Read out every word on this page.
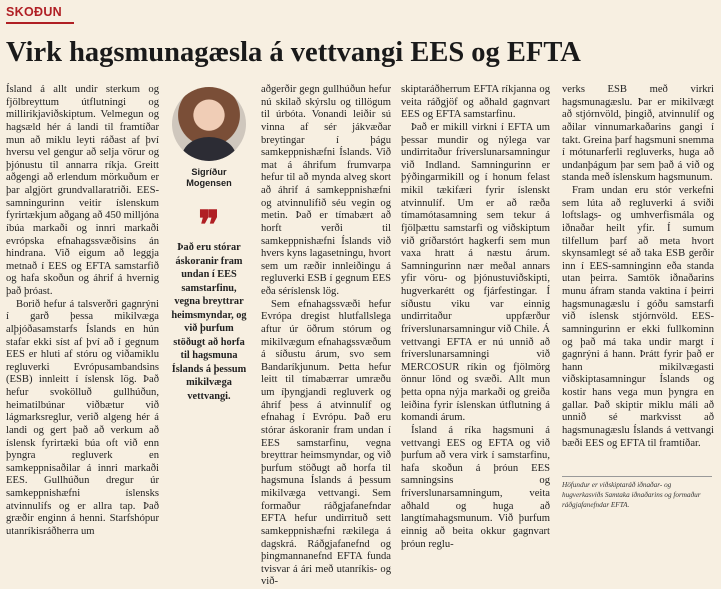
SKOÐUN
Virk hagsmunagæsla á vettvangi EES og EFTA

Ísland á allt undir sterkum og fjölbreyttum útflutningi og millirikjaviðskiptum. Velmegun og hagsæld hér á landi til framtíðar mun að miklu leyti ráðast af því hversu vel gengur að selja vörur og þjónustu til annarra ríkja. Greitt aðgengi að erlendum mörkuðum er þar algjört grundvallaratriði. EES-samningurinn veitir íslenskum fyrirtækjum aðgang að 450 milljóna íbúa markaði og innri markaði evrópska efnahagssvæðisins án hindrana. Við eigum að leggja metnað í EES og EFTA samstarfið og hafa skoðun og áhrif á hvernig það þróast.

Borið hefur á talsverðri gagnrýni í garð þessa mikilvæga alþjóðasamstarfs Íslands en hún stafar ekki síst af því að í gegnum EES er hluti af stóru og viðamiklu regluverki Evrópusambandsins (ESB) innleitt í íslensk lög. Það hefur svokölluð gullhúðun, heimatilbúnar viðbætur við lágmarksreglur, verið algeng hér á landi og gert það að verkum að íslensk fyrirtæki búa oft við enn þyngra regluverk en samkeppnisaðilar á innri markaði EES. Gullhúðun dregur úr samkeppnishæfni íslensks atvinnulífs og er allra tap. Það græðir enginn á henni. Starfshópur utanríkisráðherra um

Sigríður
Mogensen
❞
Það eru stórar áskoranir fram undan í EES samstarfinu, vegna breyttrar heimsmyndar, og við þurfum stöðugt að horfa til hagsmuna Íslands á þessum mikilvæga vettvangi.

aðgerðir gegn gullhúðun hefur nú skilað skýrslu og tillögum til úrbóta. Vonandi leiðir sú vinna af sér jákvæðar breytingar í þágu samkeppnishæfni Íslands. Við mat á áhrifum frumvarpa hefur til að mynda alveg skort að áhrif á samkeppnishæfni og atvinnulífið séu vegin og metin. Það er tímabært að horft verði til samkeppnishæfni Íslands við hvers kyns lagasetningu, hvort sem um ræðir innleiðingu á regluverki ESB í gegnum EES eða séríslensk lög.

Sem efnahagssvæði hefur Evrópa dregist hlutfallslega aftur úr öðrum stórum og mikilvægum efnahagssvæðum á síðustu árum, svo sem Bandaríkjunum. Þetta hefur leitt til tímabærrar umræðu um íþyngjandi regluverk og áhrif þess á atvinnulíf og efnahag í Evrópu. Það eru stórar áskoranir fram undan í EES samstarfinu, vegna breyttrar heimsmyndar, og við þurfum stöðugt að horfa til hagsmuna Íslands á þessum mikilvæga vettvangi. Sem formaður ráðgjafanefndar EFTA hefur undirrituð sett samkeppnishæfni rækilega á dagskrá. Ráðgjafanefnd og þingmannanefnd EFTA funda tvisvar á ári með utanríkis- og við-

skiptaráðherrum EFTA ríkjanna og veita ráðgjöf og aðhald gagnvart EES og EFTA samstarfinu.

Það er mikill virkni í EFTA um þessar mundir og nýlega var undirritaður fríverslunarsamningur við Indland. Samningurinn er þýðingarmikill og í honum felast mikil tækifæri fyrir íslenskt atvinnulíf. Um er að ræða tímamótasamning sem tekur á fjölþættu samstarfi og viðskiptum við gríðarstórt hagkerfi sem mun vaxa hratt á næstu árum. Samningurinn nær meðal annars yfir vöru- og þjónustuviðskipti, hugverkarétt og fjárfestingar. Í síðustu viku var einnig undirritaður uppfærður fríverslunarsamningur við Chile. Á vettvangi EFTA er nú unnið að fríverslunarsamningi við MERCOSUR ríkin og fjölmörg önnur lönd og svæði. Allt mun þetta opna nýja markaði og greiða leiðina fyrir íslenskan útflutning á komandi árum.

Ísland á ríka hagsmuni á vettvangi EES og EFTA og við þurfum að vera virk í samstarfinu, hafa skoðun á þróun EES samningsins og fríverslunarsamningum, veita aðhald og huga að langtímahagsmunum. Við þurfum einnig að beita okkur gagnvart þróun reglu-

verks ESB með virkri hagsmunagæslu. Þar er mikilvægt að stjórnvöld, þingið, atvinnulíf og aðilar vinnumarkaðarins gangi í takt. Greina þarf hagsmuni snemma í mótunarferli regluverks, huga að undanþágum þar sem það á við og standa með íslenskum hagsmunum.

Fram undan eru stór verkefni sem lúta að regluverki á sviði loftslags- og umhverfismála og iðnaðar heilt yfir. Í sumum tilfellum þarf að meta hvort skynsamlegt sé að taka ESB gerðir inn í EES-samninginn eða standa utan þeirra. Samtök iðnaðarins munu áfram standa vaktina í þeirri hagsmunagæslu í góðu samstarfi við íslensk stjórnvöld. EES-samningurinn er ekki fullkominn og það má taka undir margt í gagnrýni á hann. Þrátt fyrir það er hann mikilvægasti viðskiptasamningur Íslands og kostir hans vega mun þyngra en gallar. Það skiptir miklu máli að unnið sé markvisst að hagsmunagæslu Íslands á vettvangi bæði EES og EFTA til framtíðar.

Höfundur er viðskiptaráð iðnaðar- og hugverkasviðs Samtaka iðnaðarins og formaður ráðgjafanefndar EFTA.
